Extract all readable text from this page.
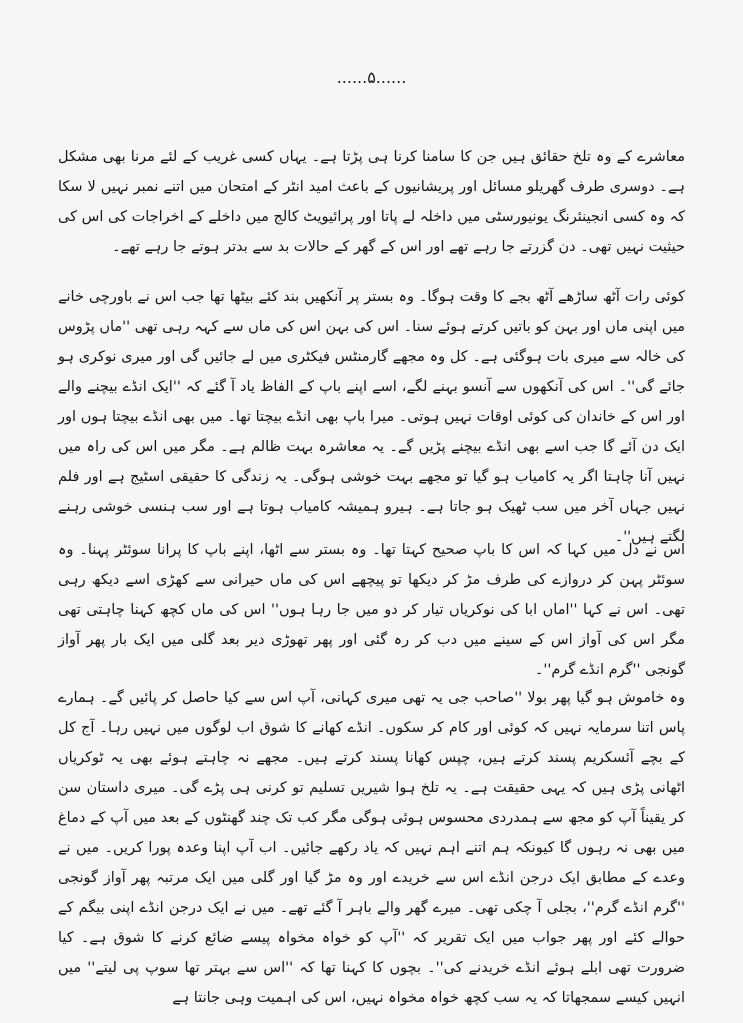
......۵......

معاشرے کے وہ تلخ حقائق ہیں جن کا سامنا کرنا ہی پڑتا ہے۔ یہاں کسی غریب کے لئے مرنا بھی مشکل ہے۔ دوسری طرف گھریلو مسائل اور پریشانیوں کے باعث امید انٹر کے امتحان میں اتنے نمبر نہیں لا سکا کہ وہ کسی انجینئرنگ یونیورسٹی میں داخلہ لے پاتا اور پرائیویٹ کالج میں داخلے کے اخراجات کی اس کی حیثیت نہیں تھی۔ دن گزرتے جا رہے تھے اور اس کے گھر کے حالات بد سے بدتر ہوتے جا رہے تھے۔

کوئی رات آٹھ ساڑھے آٹھ بجے کا وقت ہوگا۔ وہ بستر پر آنکھیں بند کئے بیٹھا تھا جب اس نے باورچی خانے میں اپنی ماں اور بہن کو باتیں کرتے ہوئے سنا۔ اس کی بہن اس کی ماں سے کہہ رہی تھی ''ماں پڑوس کی خالہ سے میری بات ہوگئی ہے۔ کل وہ مجھے گارمنٹس فیکٹری میں لے جائیں گی اور میری نوکری ہو جائے گی''۔ اس کی آنکھوں سے آنسو بہنے لگے، اسے اپنے باپ کے الفاظ یاد آ گئے کہ ''ایک انڈے بیچنے والے اور اس کے خاندان کی کوئی اوقات نہیں ہوتی۔ میرا باپ بھی انڈے بیچتا تھا۔ میں بھی انڈے بیچتا ہوں اور ایک دن آئے گا جب اسے بھی انڈے بیچنے پڑیں گے۔ یہ معاشرہ بہت ظالم ہے۔ مگر میں اس کی راہ میں نہیں آنا چاہتا اگر یہ کامیاب ہو گیا تو مجھے بہت خوشی ہوگی۔ یہ زندگی کا حقیقی اسٹیج ہے اور فلم نہیں جہاں آخر میں سب ٹھیک ہو جاتا ہے۔ ہیرو ہمیشہ کامیاب ہوتا ہے اور سب ہنسی خوشی رہنے لگتے ہیں''۔

اس نے دل میں کہا کہ اس کا باپ صحیح کہتا تھا۔ وہ بستر سے اٹھا، اپنے باپ کا پرانا سوئٹر پہنا۔ وہ سوئٹر پہن کر دروازے کی طرف مڑ کر دیکھا تو پیچھے اس کی ماں حیرانی سے کھڑی اسے دیکھ رہی تھی۔ اس نے کہا ''اماں ابا کی نوکریاں تیار کر دو میں جا رہا ہوں'' اس کی ماں کچھ کہنا چاہتی تھی مگر اس کی آواز اس کے سینے میں دب کر رہ گئی اور پھر تھوڑی دیر بعد گلی میں ایک بار پھر آواز گونجی ''گرم انڈے گرم''۔

وہ خاموش ہو گیا پھر بولا ''صاحب جی یہ تھی میری کہانی، آپ اس سے کیا حاصل کر پائیں گے۔ ہمارے پاس اتنا سرمایہ نہیں کہ کوئی اور کام کر سکوں۔ انڈے کھانے کا شوق اب لوگوں میں نہیں رہا۔ آج کل کے بچے آئسکریم پسند کرتے ہیں، چپس کھانا پسند کرتے ہیں۔ مجھے نہ چاہتے ہوئے بھی یہ ٹوکریاں اٹھانی پڑی ہیں کہ یہی حقیقت ہے۔ یہ تلخ ہوا شیریں تسلیم تو کرنی ہی پڑے گی۔ میری داستان سن کر یقیناً آپ کو مجھ سے ہمدردی محسوس ہوئی ہوگی مگر کب تک چند گھنٹوں کے بعد میں آپ کے دماغ میں بھی نہ رہوں گا کیونکہ ہم اتنے اہم نہیں کہ یاد رکھے جائیں۔ اب آپ اپنا وعدہ پورا کریں۔ میں نے وعدے کے مطابق ایک درجن انڈے اس سے خریدے اور وہ مڑ گیا اور گلی میں ایک مرتبہ پھر آواز گونجی ''گرم انڈے گرم''، بجلی آ چکی تھی۔ میرے گھر والے باہر آ گئے تھے۔ میں نے ایک درجن انڈے اپنی بیگم کے حوالے کئے اور پھر جواب میں ایک تقریر کہ ''آپ کو خواہ مخواہ پیسے ضائع کرنے کا شوق ہے۔ کیا ضرورت تھی ابلے ہوئے انڈے خریدنے کی''۔ بچوں کا کہنا تھا کہ ''اس سے بہتر تھا سوپ پی لیتے'' میں انہیں کیسے سمجھاتا کہ یہ سب کچھ خواہ مخواہ نہیں، اس کی اہمیت وہی جانتا ہے
